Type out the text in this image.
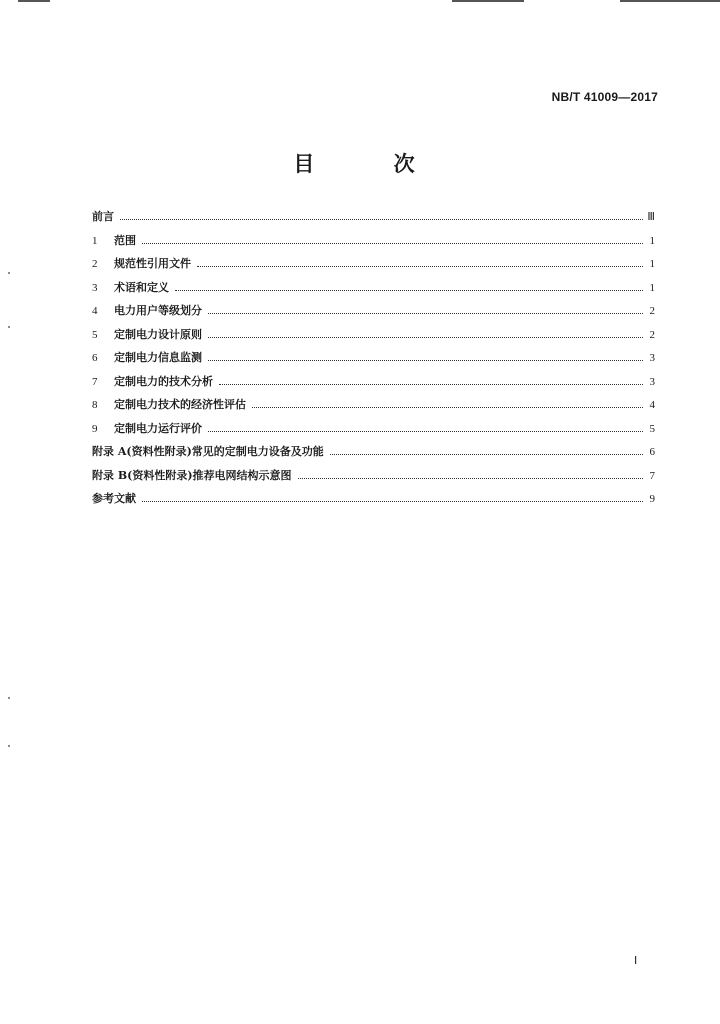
NB/T 41009—2017
目 次
前言	Ⅲ
1	范围	1
2	规范性引用文件	1
3	术语和定义	1
4	电力用户等级划分	2
5	定制电力设计原则	2
6	定制电力信息监测	3
7	定制电力的技术分析	3
8	定制电力技术的经济性评估	4
9	定制电力运行评价	5
附录 A(资料性附录)常见的定制电力设备及功能	6
附录 B(资料性附录)推荐电网结构示意图	7
参考文献	9
Ⅰ
